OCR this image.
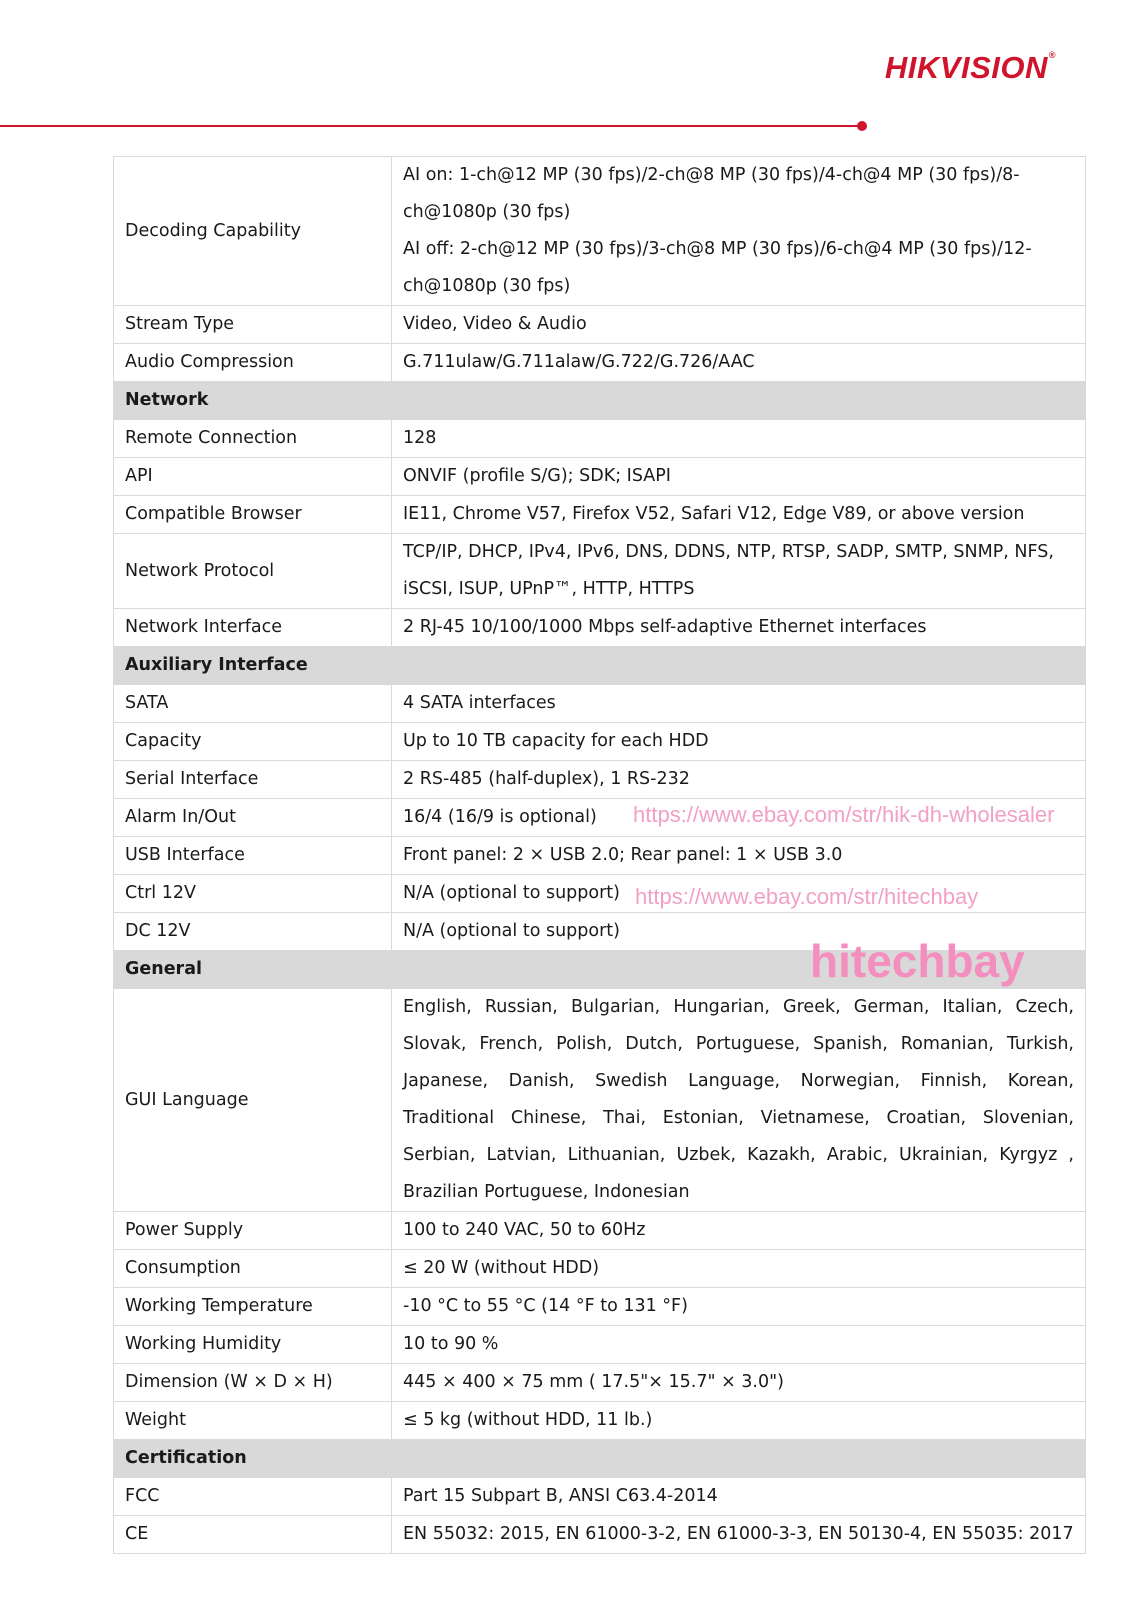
HIKVISION®
Decoding Capability	AI on: 1-ch@12 MP (30 fps)/2-ch@8 MP (30 fps)/4-ch@4 MP (30 fps)/8-ch@1080p (30 fps)
AI off: 2-ch@12 MP (30 fps)/3-ch@8 MP (30 fps)/6-ch@4 MP (30 fps)/12-ch@1080p (30 fps)

Stream Type	Video, Video & Audio
Audio Compression	G.711ulaw/G.711alaw/G.722/G.726/AAC
Network	
Remote Connection	128
API	ONVIF (profile S/G); SDK; ISAPI
Compatible Browser	IE11, Chrome V57, Firefox V52, Safari V12, Edge V89, or above version
Network Protocol	TCP/IP, DHCP, IPv4, IPv6, DNS, DDNS, NTP, RTSP, SADP, SMTP, SNMP, NFS, iSCSI, ISUP, UPnP™, HTTP, HTTPS
Network Interface	2 RJ-45 10/100/1000 Mbps self-adaptive Ethernet interfaces
Auxiliary Interface	
SATA	4 SATA interfaces
Capacity	Up to 10 TB capacity for each HDD
Serial Interface	2 RS-485 (half-duplex), 1 RS-232
Alarm In/Out	16/4 (16/9 is optional)
USB Interface	Front panel: 2 × USB 2.0; Rear panel: 1 × USB 3.0
Ctrl 12V	N/A (optional to support)
DC 12V	N/A (optional to support)
General	
GUI Language	English, Russian, Bulgarian, Hungarian, Greek, German, Italian, Czech, Slovak, French, Polish, Dutch, Portuguese, Spanish, Romanian, Turkish, Japanese, Danish, Swedish Language, Norwegian, Finnish, Korean, Traditional Chinese, Thai, Estonian, Vietnamese, Croatian, Slovenian, Serbian, Latvian, Lithuanian, Uzbek, Kazakh, Arabic, Ukrainian, Kyrgyz , Brazilian Portuguese, Indonesian
Power Supply	100 to 240 VAC, 50 to 60Hz
Consumption	≤ 20 W (without HDD)
Working Temperature	-10 °C to 55 °C (14 °F to 131 °F)
Working Humidity	10 to 90 %
Dimension (W × D × H)	445 × 400 × 75 mm ( 17.5"× 15.7" × 3.0")
Weight	≤ 5 kg (without HDD, 11 lb.)
Certification	
FCC	Part 15 Subpart B, ANSI C63.4-2014
CE	EN 55032: 2015, EN 61000-3-2, EN 61000-3-3, EN 50130-4, EN 55035: 2017
https://www.ebay.com/str/hik-dh-wholesaler
https://www.ebay.com/str/hitechbay
hitechbay
